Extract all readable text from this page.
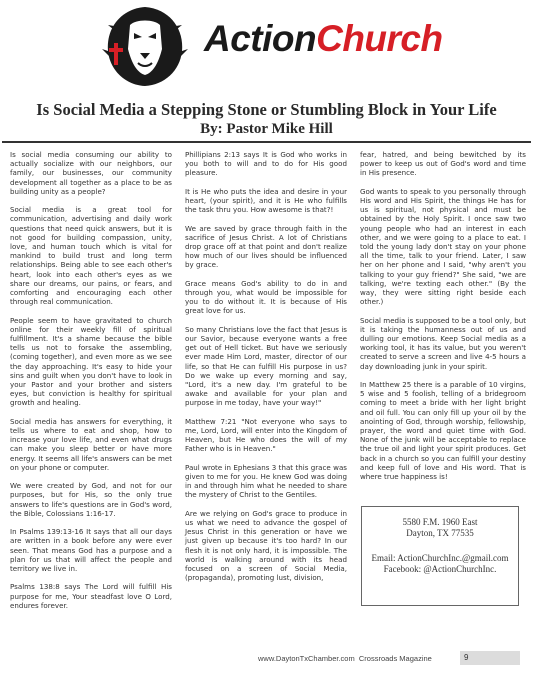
ActionChurch
Is Social Media a Stepping Stone or Stumbling Block in Your Life
By: Pastor Mike Hill

Is social media consuming our ability to actually socialize with our neighbors, our family, our businesses, our community development all together as a place to be as building unity as a people?

Social media is a great tool for communication, advertising and daily work questions that need quick answers, but it is not good for building compassion, unity, love, and human touch which is vital for mankind to build trust and long term relationships. Being able to see each other's heart, look into each other's eyes as we share our dreams, our pains, or fears, and comforting and encouraging each other through real communication.

People seem to have gravitated to church online for their weekly fill of spiritual fulfillment. It's a shame because the bible tells us not to forsake the assembling, (coming together), and even more as we see the day approaching. It's easy to hide your sins and guilt when you don't have to look in your Pastor and your brother and sisters eyes, but conviction is healthy for spiritual growth and healing.

Social media has answers for everything, it tells us where to eat and shop, how to increase your love life, and even what drugs can make you sleep better or have more energy. It seems all life's answers can be met on your phone or computer.

We were created by God, and not for our purposes, but for His, so the only true answers to life's questions are in God's word, the Bible, Colossians 1:16-17.

In Psalms 139:13-16 It says that all our days are written in a book before any were ever seen. That means God has a purpose and a plan for us that will affect the people and territory we live in.

Psalms 138:8 says The Lord will fulfill His purpose for me, Your steadfast love O Lord, endures forever.

Phillipians 2:13 says It is God who works in you both to will and to do for His good pleasure.

It is He who puts the idea and desire in your heart, (your spirit), and it is He who fulfills the task thru you. How awesome is that?!

We are saved by grace through faith in the sacrifice of Jesus Christ. A lot of Christians drop grace off at that point and don't realize how much of our lives should be influenced by grace.

Grace means God's ability to do in and through you, what would be impossible for you to do without it. It is because of His great love for us.

So many Christians love the fact that Jesus is our Savior, because everyone wants a free get out of Hell ticket. But have we seriously ever made Him Lord, master, director of our life, so that He can fulfill His purpose in us? Do we wake up every morning and say, "Lord, it's a new day. I'm grateful to be awake and available for your plan and purpose in me today, have your way!"

Matthew 7:21 "Not everyone who says to me, Lord, Lord, will enter into the Kingdom of Heaven, but He who does the will of my Father who is in Heaven."

Paul wrote in Ephesians 3 that this grace was given to me for you. He knew God was doing in and through him what he needed to share the mystery of Christ to the Gentiles.

Are we relying on God's grace to produce in us what we need to advance the gospel of Jesus Christ in this generation or have we just given up because it's too hard? In our flesh it is not only hard, it is impossible. The world is walking around with its head focused on a screen of Social Media, (propaganda), promoting lust, division,

fear, hatred, and being bewitched by its power to keep us out of God's word and time in His presence.

God wants to speak to you personally through His word and His Spirit, the things He has for us is spiritual, not physical and must be obtained by the Holy Spirit. I once saw two young people who had an interest in each other, and we were going to a place to eat. I told the young lady don't stay on your phone all the time, talk to your friend. Later, I saw her on her phone and I said, "why aren't you talking to your guy friend?" She said, "we are talking, we're texting each other." (By the way, they were sitting right beside each other.)

Social media is supposed to be a tool only, but it is taking the humanness out of us and dulling our emotions. Keep Social media as a working tool, it has its value, but you weren't created to serve a screen and live 4-5 hours a day downloading junk in your spirit.

In Matthew 25 there is a parable of 10 virgins, 5 wise and 5 foolish, telling of a bridegroom coming to meet a bride with her light bright and oil full. You can only fill up your oil by the anointing of God, through worship, fellowship, prayer, the word and quiet time with God. None of the junk will be acceptable to replace the true oil and light your spirit produces. Get back in a church so you can fulfill your destiny and keep full of love and His word. That is where true happiness is!

5580 F.M. 1960 East
Dayton, TX 77535
Email: ActionChurchInc.@gmail.com
Facebook: @ActionChurchInc.
www.DaytonTxChamber.com Crossroads Magazine	9
